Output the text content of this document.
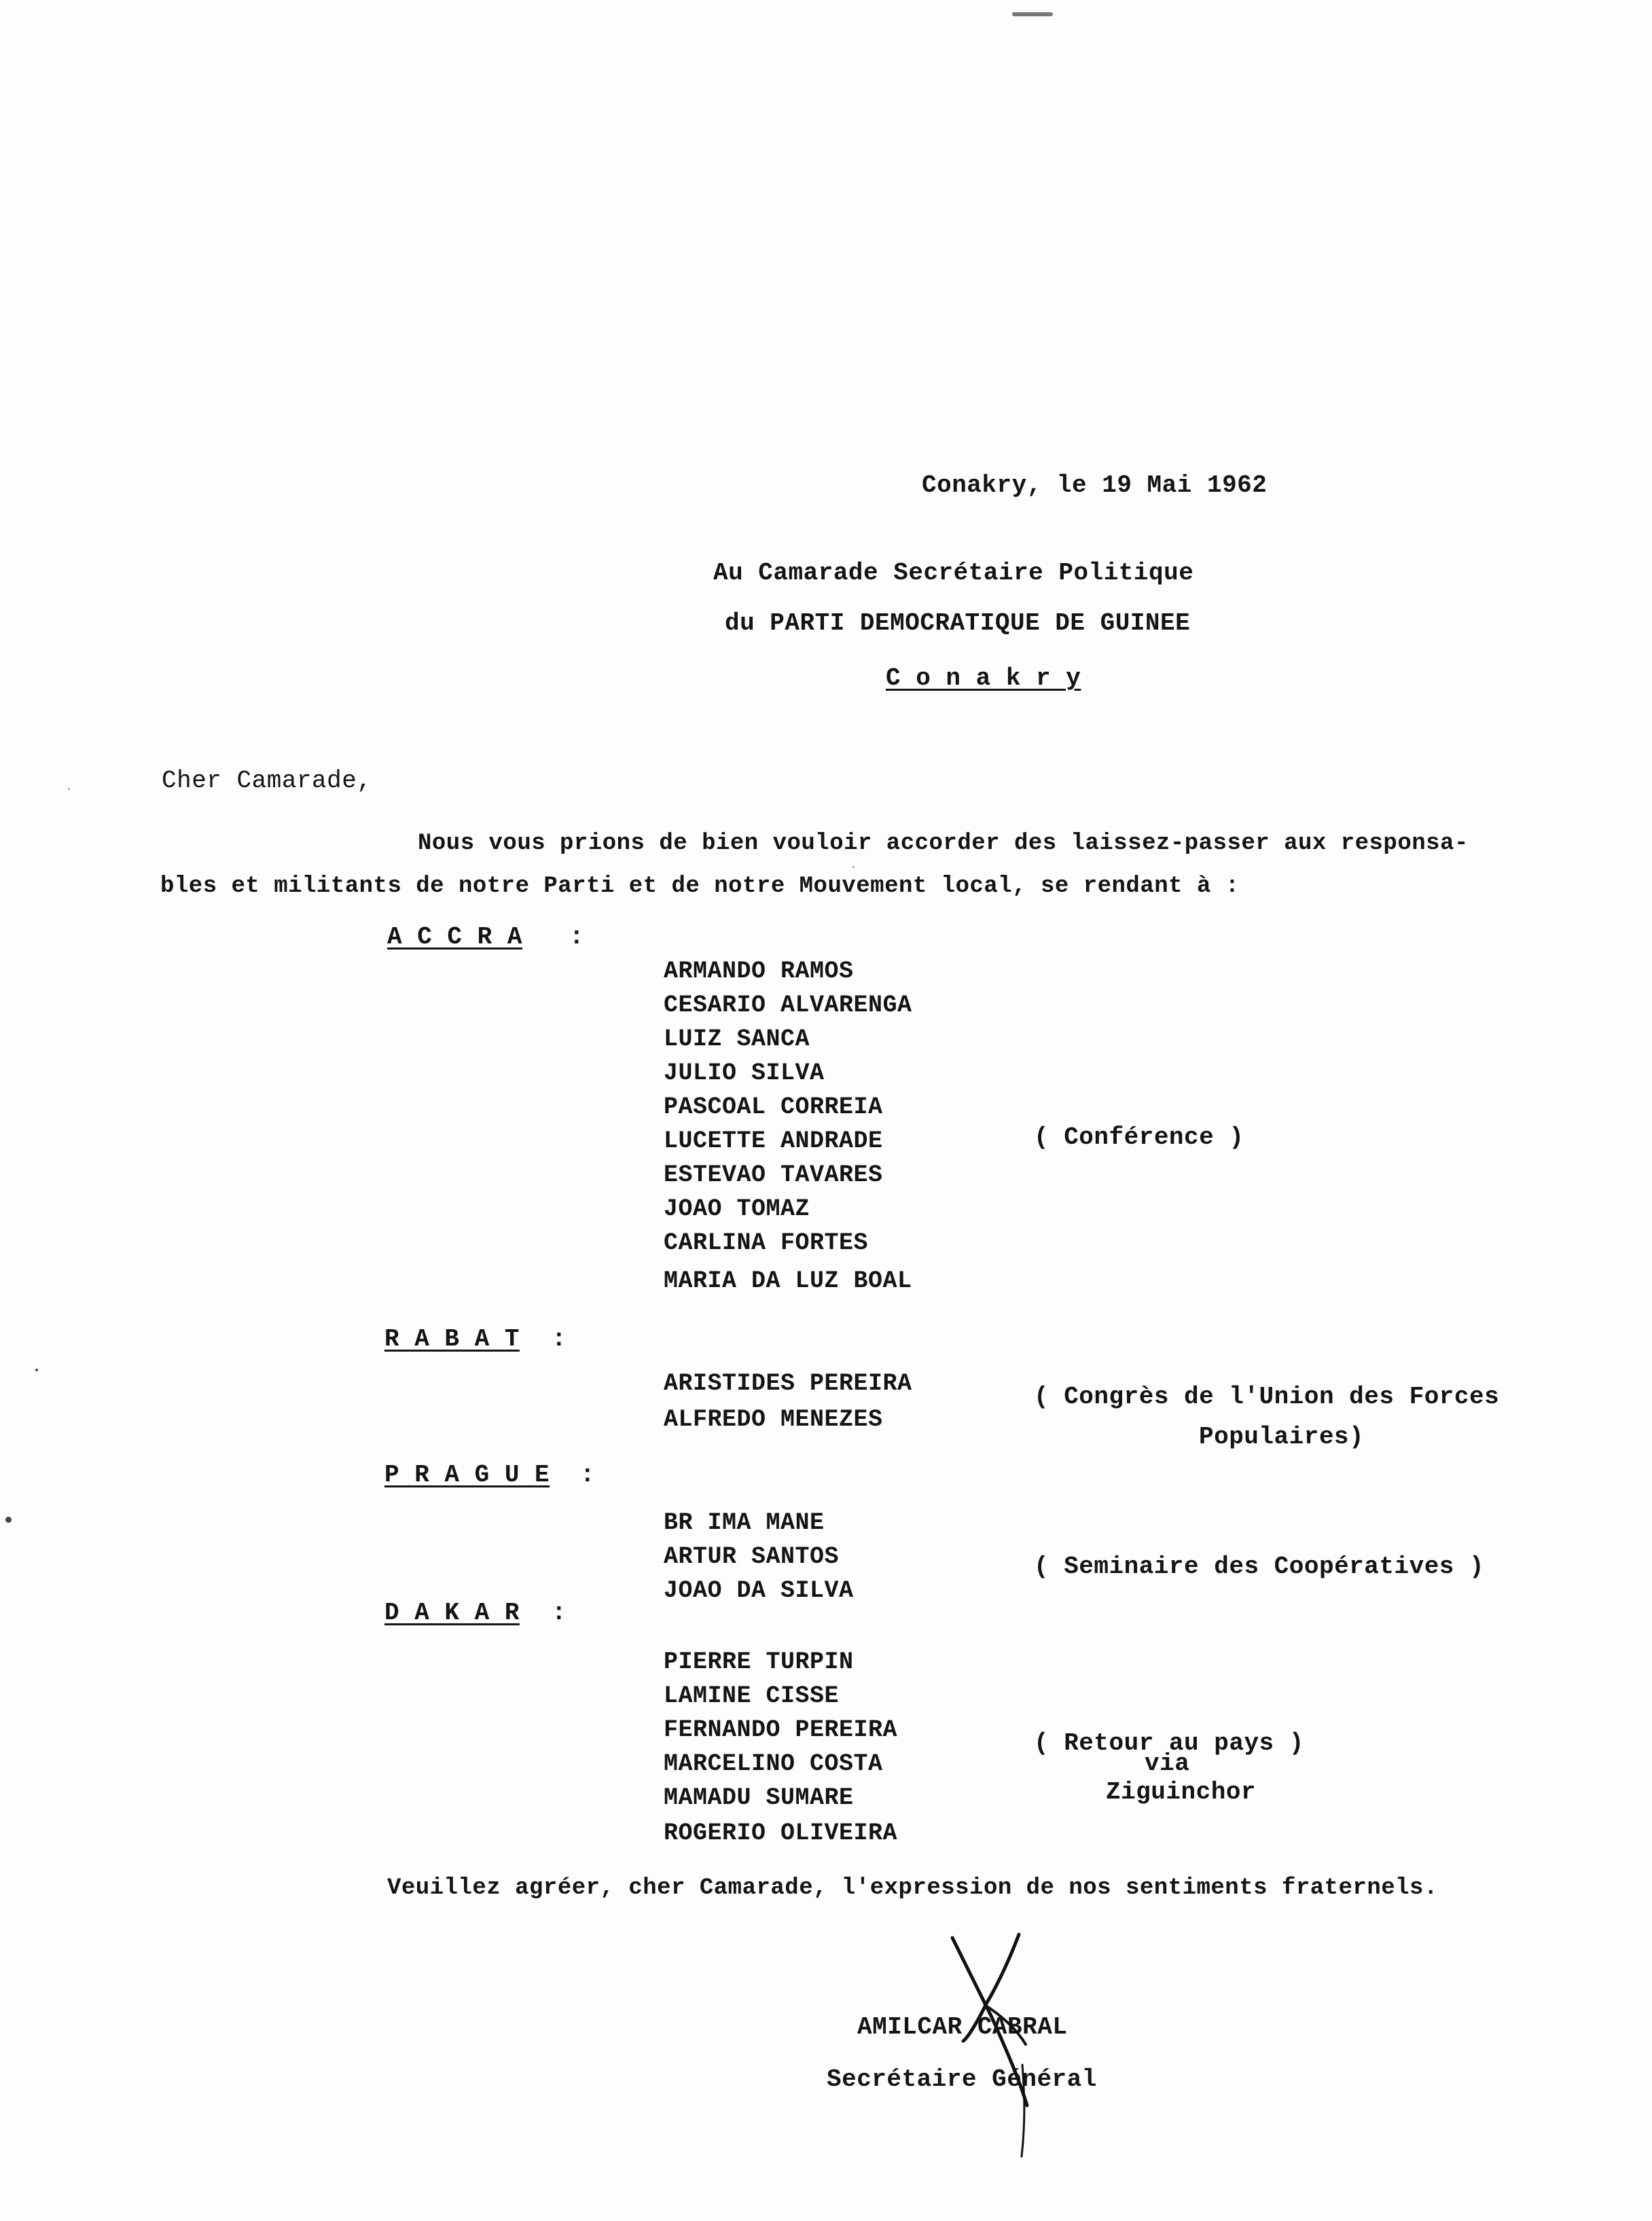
Conakry, le 19 Mai 1962
Au Camarade Secrétaire Politique
du PARTI DEMOCRATIQUE DE GUINEE
C o n a k r y
Cher Camarade,
Nous vous prions de bien vouloir accorder des laissez-passer aux responsa-
bles et militants de notre Parti et de notre Mouvement local, se rendant à :
A C C R A :
ARMANDO RAMOS
CESARIO ALVARENGA
LUIZ SANCA
JULIO SILVA
PASCOAL CORREIA
LUCETTE ANDRADE
ESTEVAO TAVARES
JOAO TOMAZ
CARLINA FORTES
MARIA DA LUZ BOAL
( Conférence )
R A B A T :
ARISTIDES PEREIRA
ALFREDO MENEZES
( Congrès de l'Union des Forces
Populaires)
P R A G U E :
BR IMA MANE
ARTUR SANTOS
JOAO DA SILVA
( Seminaire des Coopératives )
D A K A R :
PIERRE TURPIN
LAMINE CISSE
FERNANDO PEREIRA
MARCELINO COSTA
MAMADU SUMARE
ROGERIO OLIVEIRA
( Retour au pays )
via
Ziguinchor
Veuillez agréer, cher Camarade, l'expression de nos sentiments fraternels.
AMILCAR CABRAL
Secrétaire Général
